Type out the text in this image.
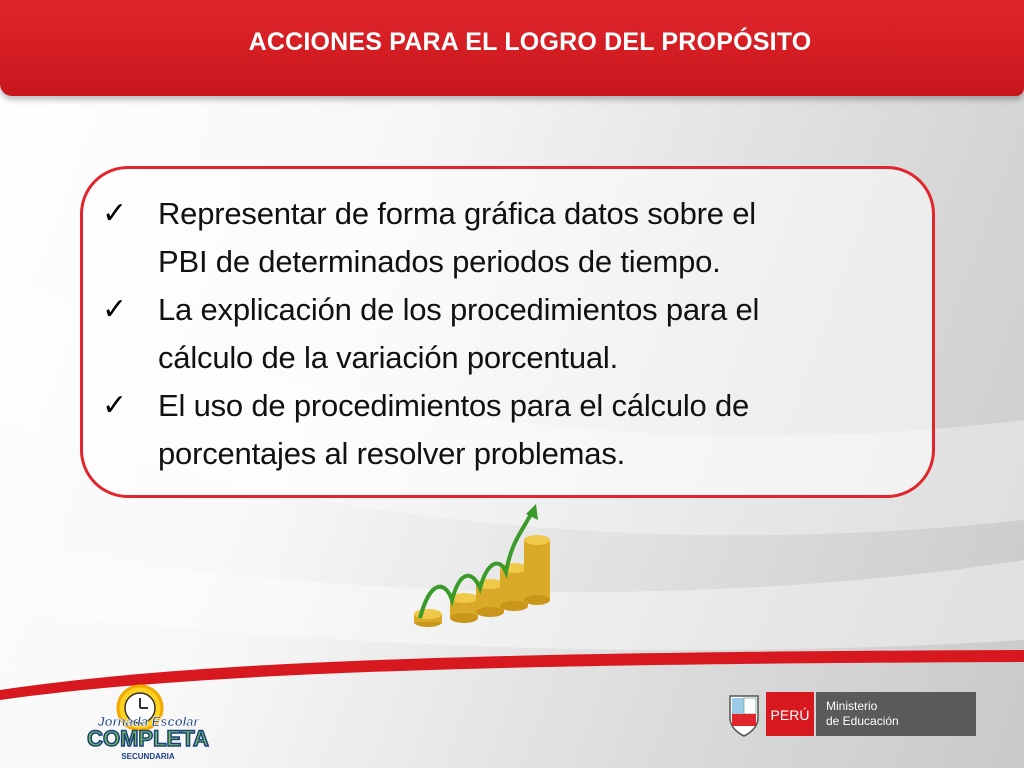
ACCIONES PARA EL LOGRO DEL PROPÓSITO
✓ Representar de forma gráfica datos sobre el
PBI de determinados periodos de tiempo.
✓ La explicación de los procedimientos para el
cálculo de la variación porcentual.
✓ El uso de procedimientos para el cálculo de
porcentajes al resolver problemas.
Jornada Escolar
COMPLETA
SECUNDARIA
PERÚ
Ministerio
de Educación
